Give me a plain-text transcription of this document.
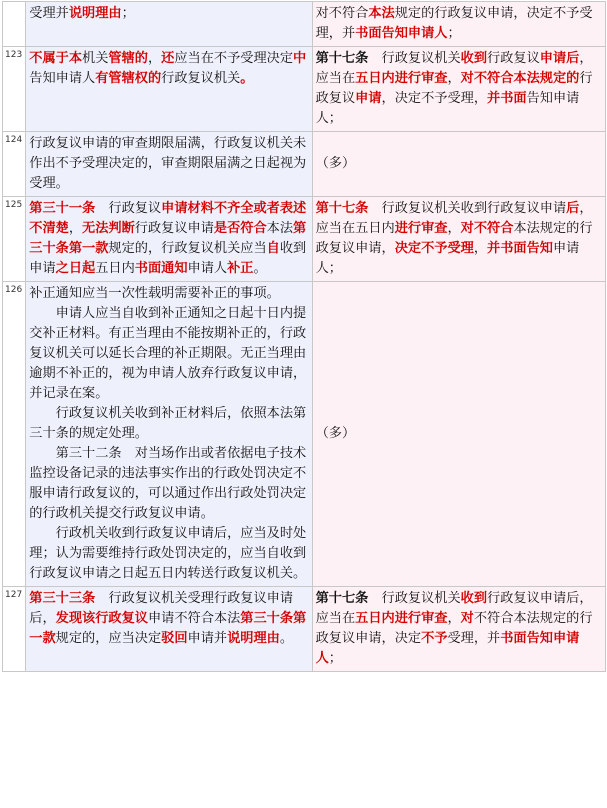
	受理并说明理由；	对不符合本法规定的行政复议申请，决定不予受理，并书面告知申请人；

123	不属于本机关管辖的，还应当在不予受理决定中告知申请人有管辖权的行政复议机关。	第十七条　行政复议机关收到行政复议申请后，应当在五日内进行审查，对不符合本法规定的行政复议申请，决定不予受理，并书面告知申请人；

124	行政复议申请的审查期限届满，行政复议机关未作出不予受理决定的，审查期限届满之日起视为受理。	（多）
125	第三十一条　行政复议申请材料不齐全或者表述不清楚，无法判断行政复议申请是否符合本法第三十条第一款规定的，行政复议机关应当自收到申请之日起五日内书面通知申请人补正。	第十七条　行政复议机关收到行政复议申请后，应当在五日内进行审查，对不符合本法规定的行政复议申请，决定不予受理，并书面告知申请人；

126	补正通知应当一次性载明需要补正的事项。

申请人应当自收到补正通知之日起十日内提交补正材料。有正当理由不能按期补正的，行政复议机关可以延长合理的补正期限。无正当理由逾期不补正的，视为申请人放弃行政复议申请，并记录在案。

行政复议机关收到补正材料后，依照本法第三十条的规定处理。

第三十二条　对当场作出或者依据电子技术监控设备记录的违法事实作出的行政处罚决定不服申请行政复议的，可以通过作出行政处罚决定的行政机关提交行政复议申请。

行政机关收到行政复议申请后，应当及时处理；认为需要维持行政处罚决定的，应当自收到行政复议申请之日起五日内转送行政复议机关。	（多）
127	第三十三条　行政复议机关受理行政复议申请后，发现该行政复议申请不符合本法第三十条第一款规定的，应当决定驳回申请并说明理由。	第十七条　行政复议机关收到行政复议申请后，应当在五日内进行审查，对不符合本法规定的行政复议申请，决定不予受理，并书面告知申请人；
